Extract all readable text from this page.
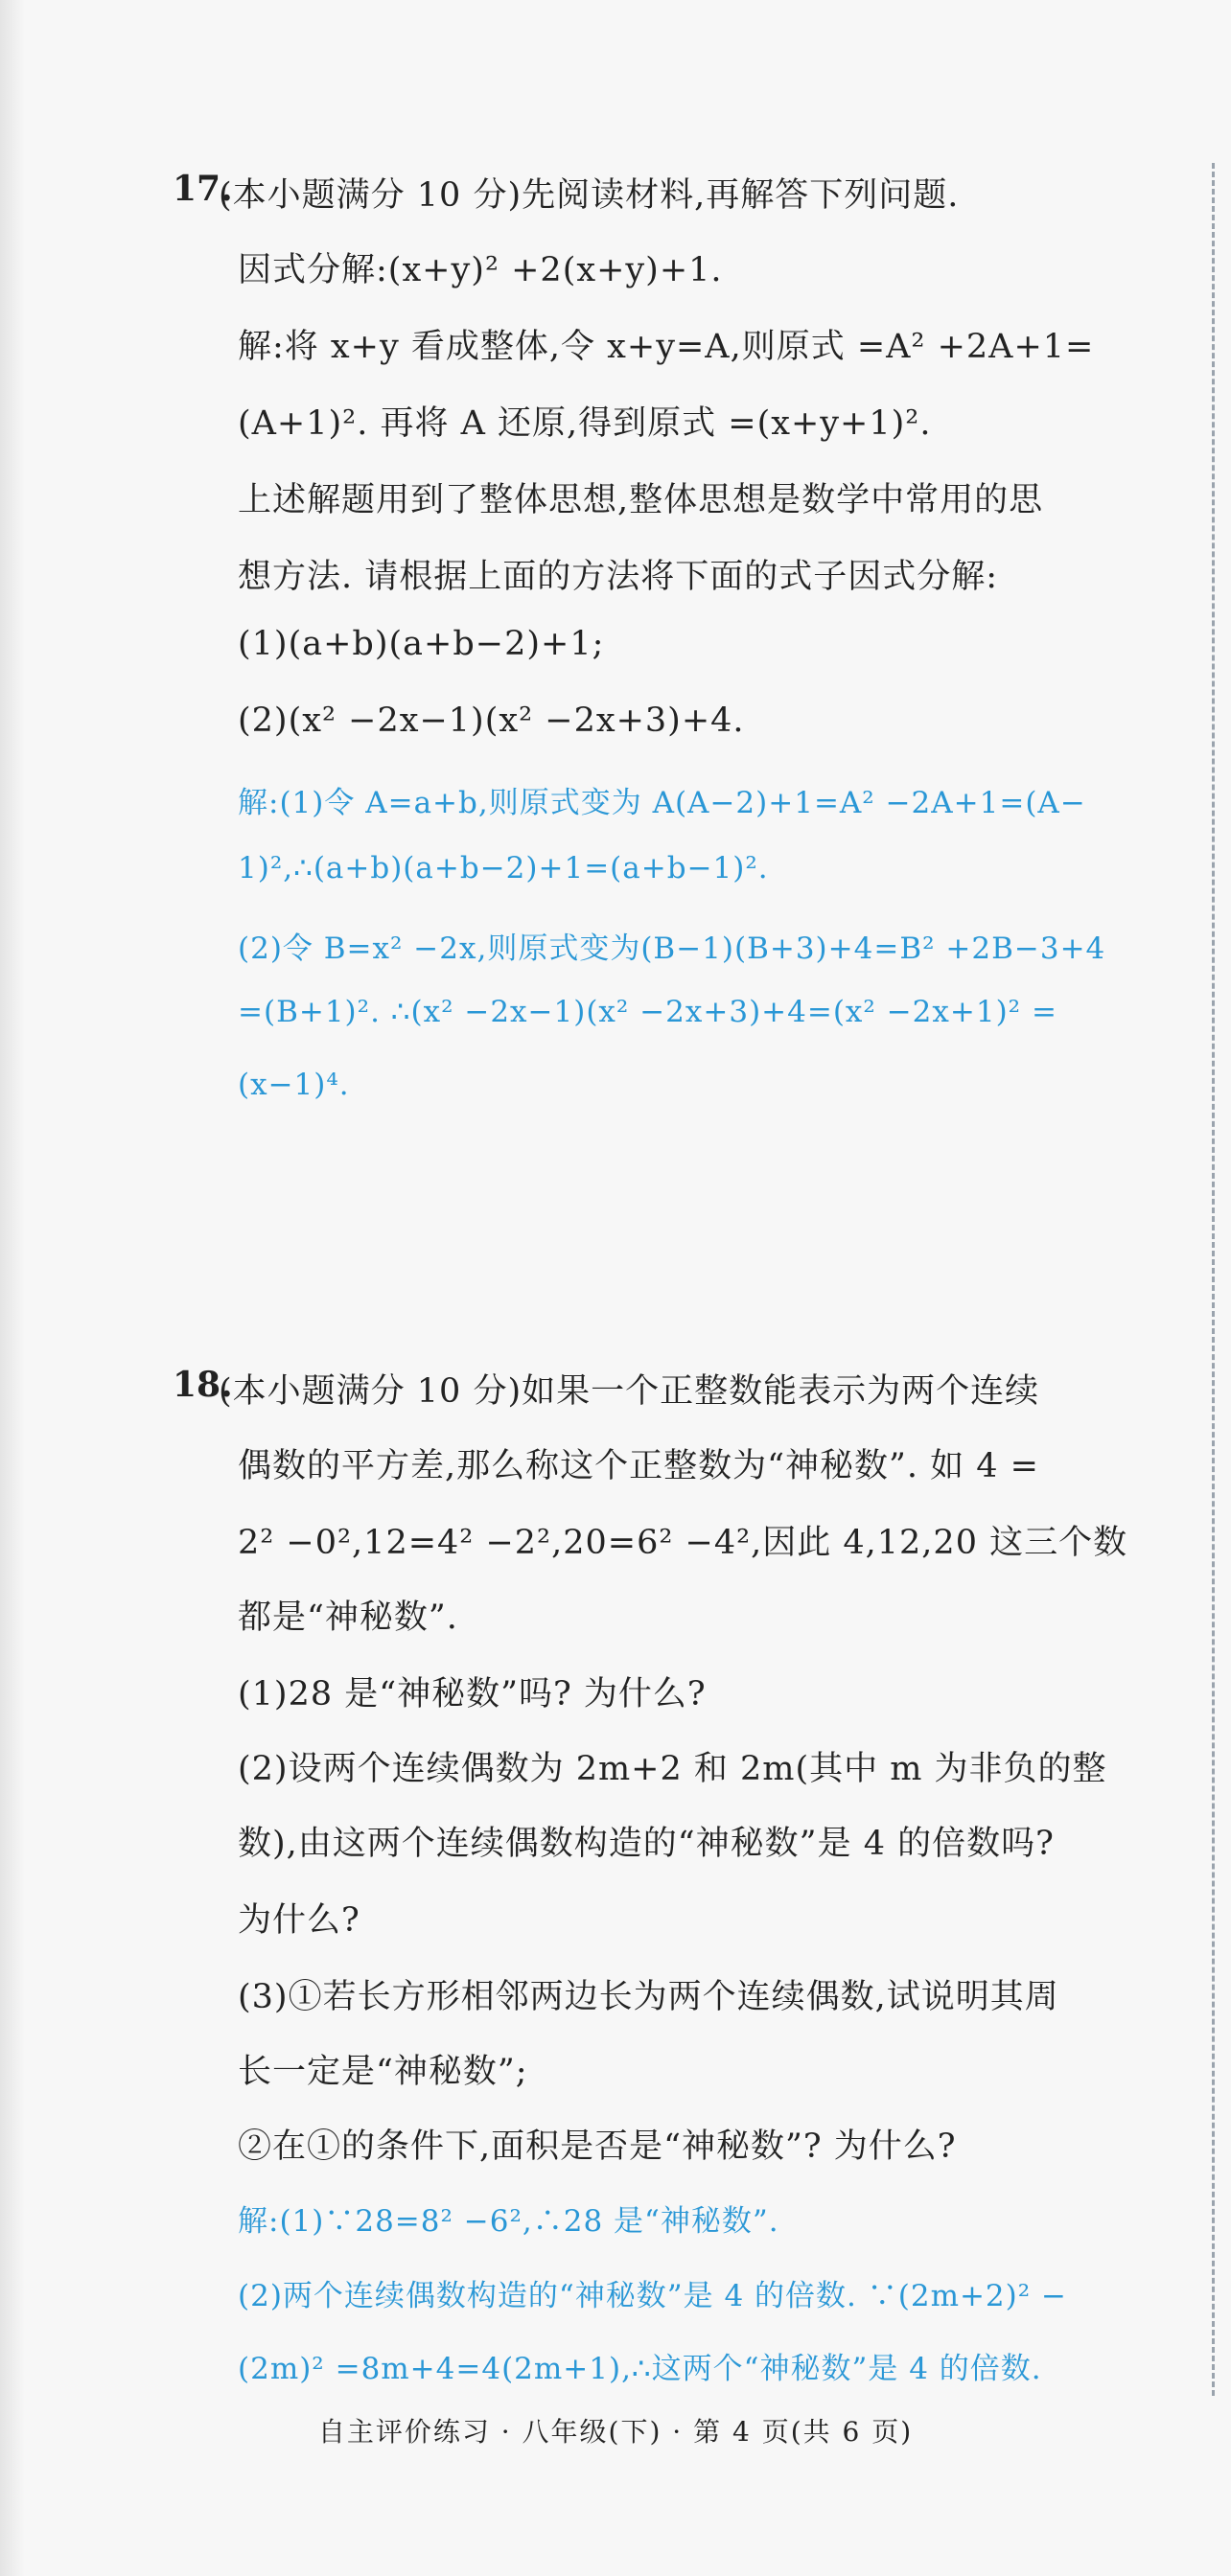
17.
(本小题满分 10 分)先阅读材料,再解答下列问题.
因式分解:(x+y)² +2(x+y)+1.
解:将 x+y 看成整体,令 x+y=A,则原式 =A² +2A+1=
(A+1)². 再将 A 还原,得到原式 =(x+y+1)².
上述解题用到了整体思想,整体思想是数学中常用的思
想方法. 请根据上面的方法将下面的式子因式分解:
(1)(a+b)(a+b−2)+1;
(2)(x² −2x−1)(x² −2x+3)+4.
解:(1)令 A=a+b,则原式变为 A(A−2)+1=A² −2A+1=(A−
1)²,∴(a+b)(a+b−2)+1=(a+b−1)².
(2)令 B=x² −2x,则原式变为(B−1)(B+3)+4=B² +2B−3+4
=(B+1)². ∴(x² −2x−1)(x² −2x+3)+4=(x² −2x+1)² =
(x−1)⁴.
18.
(本小题满分 10 分)如果一个正整数能表示为两个连续
偶数的平方差,那么称这个正整数为“神秘数”. 如 4 =
2² −0²,12=4² −2²,20=6² −4²,因此 4,12,20 这三个数
都是“神秘数”.
(1)28 是“神秘数”吗? 为什么?
(2)设两个连续偶数为 2m+2 和 2m(其中 m 为非负的整
数),由这两个连续偶数构造的“神秘数”是 4 的倍数吗?
为什么?
(3)①若长方形相邻两边长为两个连续偶数,试说明其周
长一定是“神秘数”;
②在①的条件下,面积是否是“神秘数”? 为什么?
解:(1)∵28=8² −6²,∴28 是“神秘数”.
(2)两个连续偶数构造的“神秘数”是 4 的倍数. ∵(2m+2)² −
(2m)² =8m+4=4(2m+1),∴这两个“神秘数”是 4 的倍数.
自主评价练习 · 八年级(下) · 第 4 页(共 6 页)
